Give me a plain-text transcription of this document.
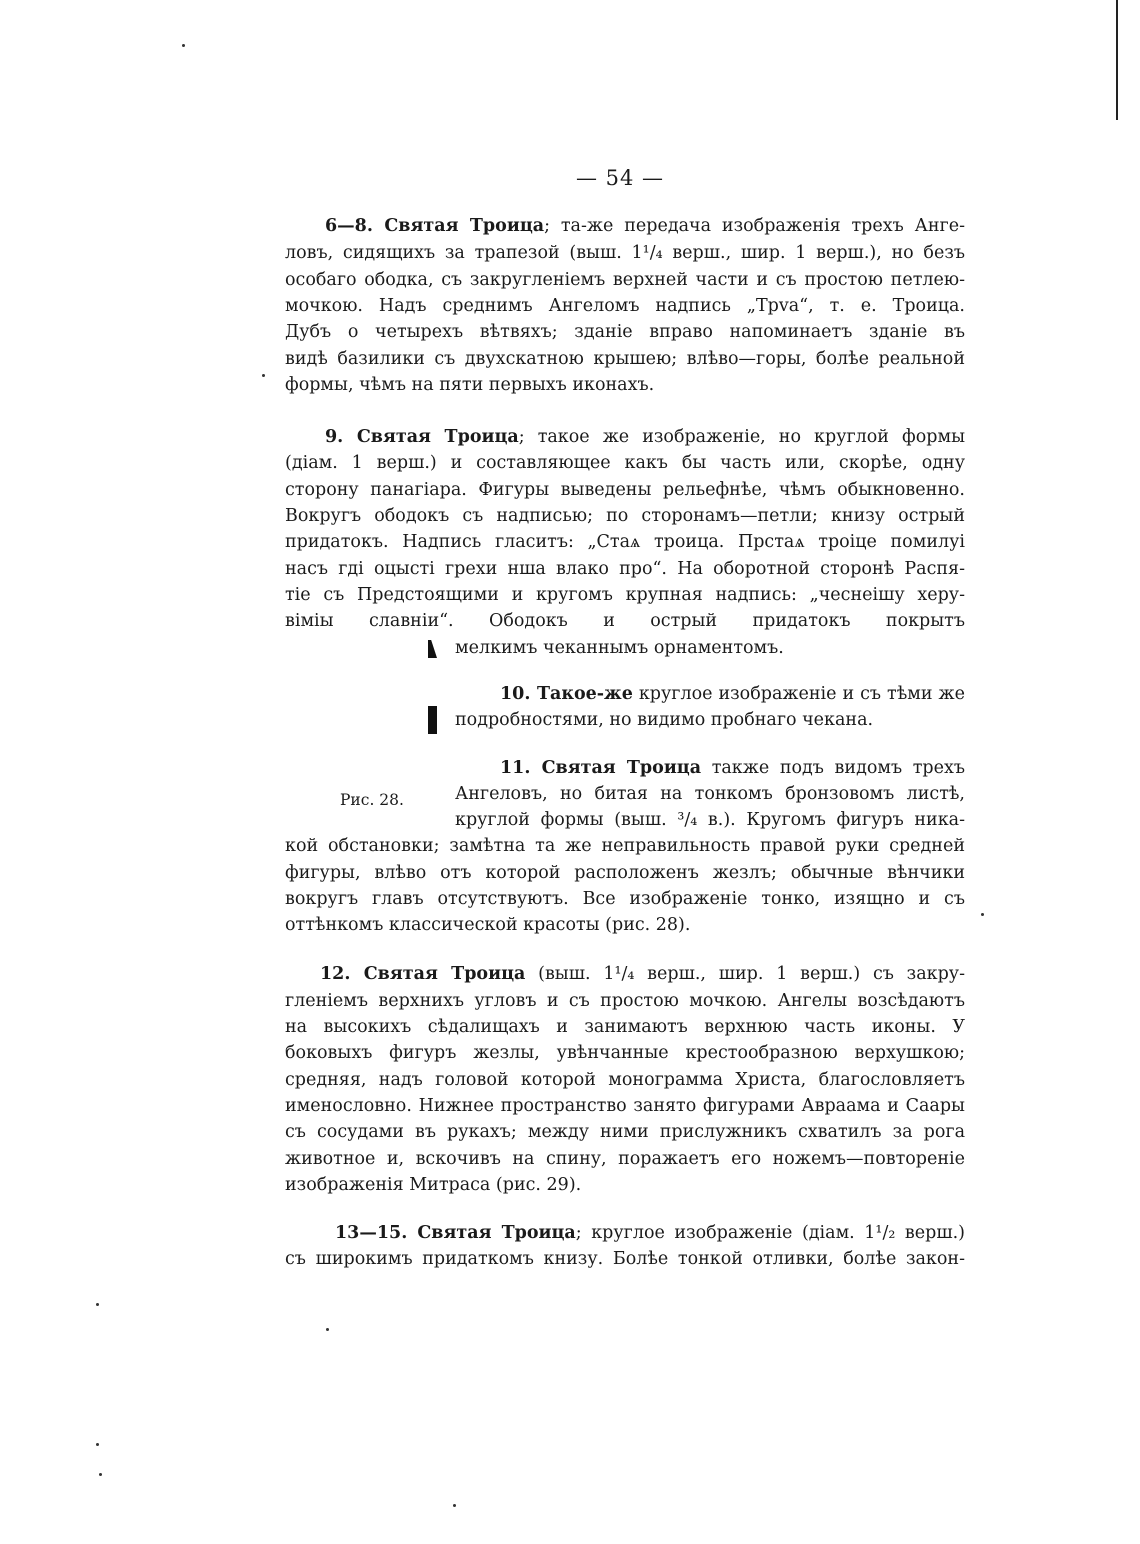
— 54 —
6—8. Святая Троица; та-же передача изображенія трехъ Анге-
ловъ, сидящихъ за трапезой (выш. 1¹/₄ верш., шир. 1 верш.), но безъ
особаго ободка, съ закругленіемъ верхней части и съ простою петлею-
мочкою. Надъ среднимъ Ангеломъ надпись „Трvа“, т. е. Троица.
Дубъ о четырехъ вѣтвяхъ; зданіе вправо напоминаетъ зданіе въ
видѣ базилики съ двухскатною крышею; влѣво—горы, болѣе реальной
формы, чѣмъ на пяти первыхъ иконахъ.
9. Святая Троица; такое же изображеніе, но круглой формы
(діам. 1 верш.) и составляющее какъ бы часть или, скорѣе, одну
сторону панагіара. Фигуры выведены рельефнѣе, чѣмъ обыкновенно.
Вокругъ ободокъ съ надписью; по сторонамъ—петли; книзу острый
придатокъ. Надпись гласитъ: „Стаѧ троица. Прстаѧ троіце помилуі
насъ гді оцысті грехи нша влако про“. На оборотной сторонѣ Распя-
тіе съ Предстоящими и кругомъ крупная надпись: „чеснеішу херу-
віміы славніи“. Ободокъ и острый придатокъ покрытъ
мелкимъ чеканнымъ орнаментомъ.
10. Такое-же круглое изображеніе и съ тѣми же
подробностями, но видимо пробнаго чекана.
11. Святая Троица также подъ видомъ трехъ
Ангеловъ, но битая на тонкомъ бронзовомъ листѣ,
круглой формы (выш. ³/₄ в.). Кругомъ фигуръ ника-
кой обстановки; замѣтна та же неправильность правой руки средней
фигуры, влѣво отъ которой расположенъ жезлъ; обычные вѣнчики
вокругъ главъ отсутствуютъ. Все изображеніе тонко, изящно и съ
оттѣнкомъ классической красоты (рис. 28).
Рис. 28.
12. Святая Троица (выш. 1¹/₄ верш., шир. 1 верш.) съ закру-
гленіемъ верхнихъ угловъ и съ простою мочкою. Ангелы возсѣдаютъ
на высокихъ сѣдалищахъ и занимаютъ верхнюю часть иконы. У
боковыхъ фигуръ жезлы, увѣнчанные крестообразною верхушкою;
средняя, надъ головой которой монограмма Христа, благословляетъ
именословно. Нижнее пространство занято фигурами Авраама и Саары
съ сосудами въ рукахъ; между ними прислужникъ схватилъ за рога
животное и, вскочивъ на спину, поражаетъ его ножемъ—повтореніе
изображенія Митраса (рис. 29).
13—15. Святая Троица; круглое изображеніе (діам. 1¹/₂ верш.)
съ широкимъ придаткомъ книзу. Болѣе тонкой отливки, болѣе закон-
